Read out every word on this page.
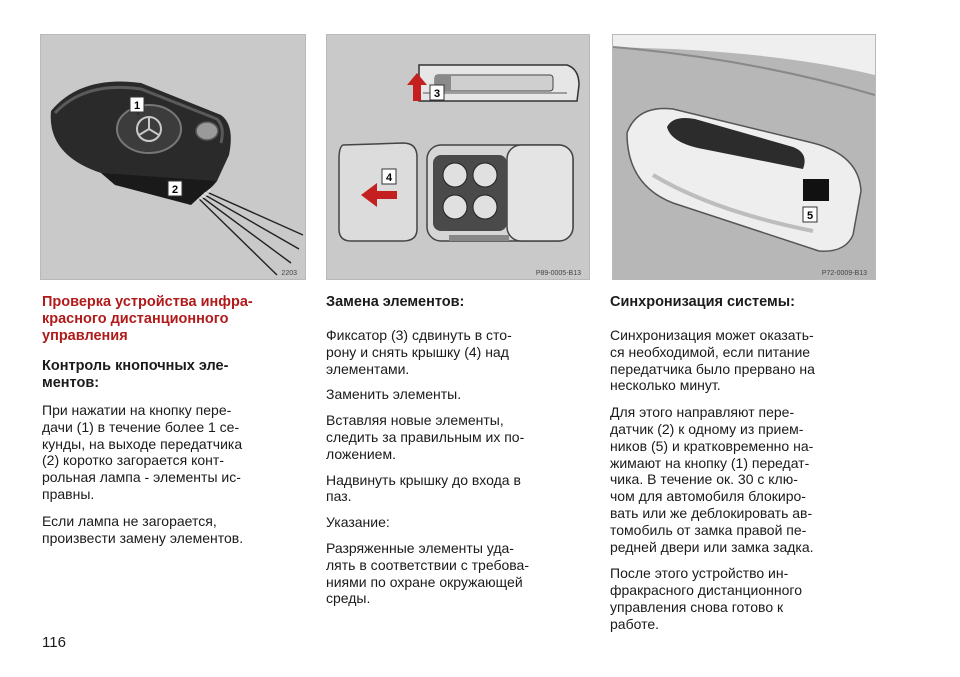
1
2
2203
3
4
P89-0005-B13
5
P72-0009-B13

Проверка устройства инфра-
красного дистанционного
управления

Контроль кнопочных эле-
ментов:

При нажатии на кнопку пере-
дачи (1) в течение более 1 се-
кунды, на выходе передатчика
(2) коротко загорается конт-
рольная лампа - элементы ис-
правны.

Если лампа не загорается,
произвести замену элементов.

Замена элементов:

Фиксатор (3) сдвинуть в сто-
рону и снять крышку (4) над
элементами.

Заменить элементы.

Вставляя новые элементы,
следить за правильным их по-
ложением.

Надвинуть крышку до входа в
паз.

Указание:

Разряженные элементы уда-
лять в соответствии с требова-
ниями по охране окружающей
среды.

Синхронизация системы:

Синхронизация может оказать-
ся необходимой, если питание
передатчика было прервано на
несколько минут.

Для этого направляют пере-
датчик (2) к одному из прием-
ников (5) и кратковременно на-
жимают на кнопку (1) передат-
чика. В течение ок. 30 с клю-
чом для автомобиля блокиро-
вать или же деблокировать ав-
томобиль от замка правой пе-
редней двери или замка задка.

После этого устройство ин-
фракрасного дистанционного
управления снова готово к
работе.

116
